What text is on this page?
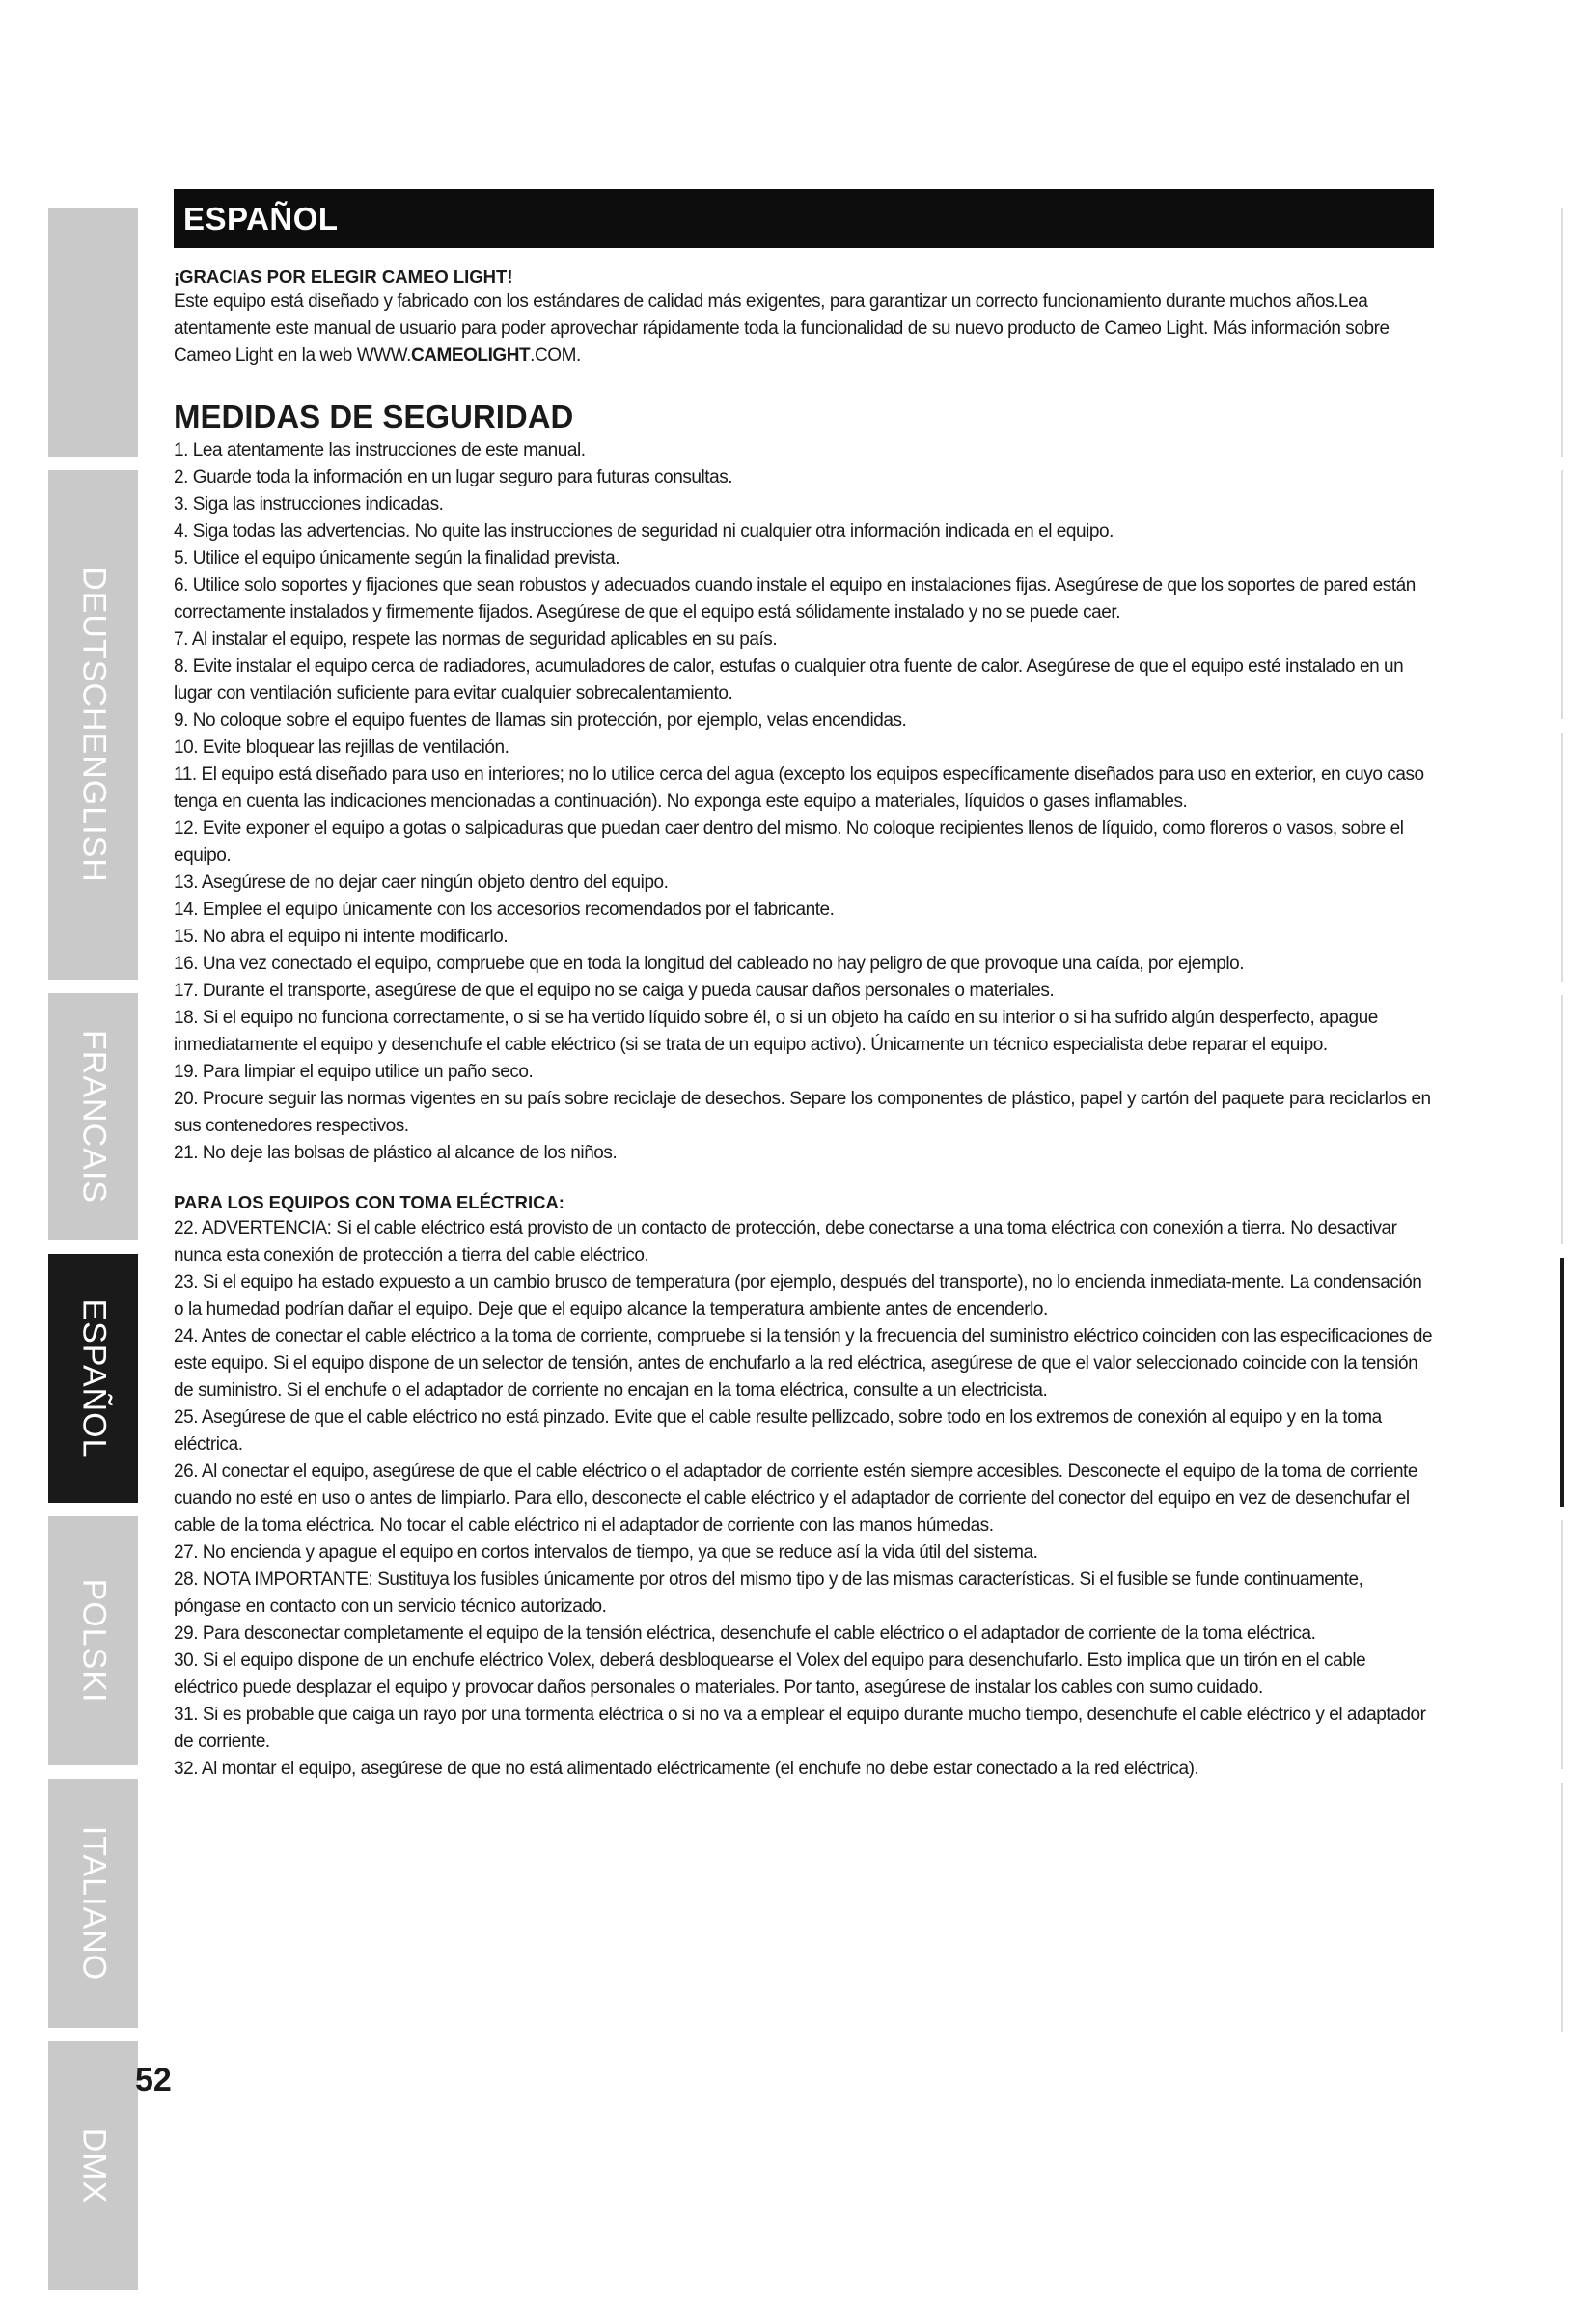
DEUTSCHENGLISH
FRANCAIS
ESPAÑOL
POLSKI
ITALIANO
DMX
ESPAÑOL
¡GRACIAS POR ELEGIR CAMEO LIGHT!

Este equipo está diseñado y fabricado con los estándares de calidad más exigentes, para garantizar un correcto funcionamiento durante muchos años.Lea atentamente este manual de usuario para poder aprovechar rápidamente toda la funcionalidad de su nuevo producto de Cameo Light. Más información sobre Cameo Light en la web WWW.CAMEOLIGHT.COM.

MEDIDAS DE SEGURIDAD

1. Lea atentamente las instrucciones de este manual.

2. Guarde toda la información en un lugar seguro para futuras consultas.

3. Siga las instrucciones indicadas.

4. Siga todas las advertencias. No quite las instrucciones de seguridad ni cualquier otra información indicada en el equipo.

5. Utilice el equipo únicamente según la finalidad prevista.

6. Utilice solo soportes y fijaciones que sean robustos y adecuados cuando instale el equipo en instalaciones fijas. Asegúrese de que los soportes de pared están correctamente instalados y firmemente fijados. Asegúrese de que el equipo está sólidamente instalado y no se puede caer.

7. Al instalar el equipo, respete las normas de seguridad aplicables en su país.

8. Evite instalar el equipo cerca de radiadores, acumuladores de calor, estufas o cualquier otra fuente de calor. Asegúrese de que el equipo esté instalado en un lugar con ventilación suficiente para evitar cualquier sobrecalentamiento.

9. No coloque sobre el equipo fuentes de llamas sin protección, por ejemplo, velas encendidas.

10. Evite bloquear las rejillas de ventilación.

11. El equipo está diseñado para uso en interiores; no lo utilice cerca del agua (excepto los equipos específicamente diseñados para uso en exterior, en cuyo caso tenga en cuenta las indicaciones mencionadas a continuación). No exponga este equipo a materiales, líquidos o gases inflamables.

12. Evite exponer el equipo a gotas o salpicaduras que puedan caer dentro del mismo. No coloque recipientes llenos de líquido, como floreros o vasos, sobre el equipo.

13. Asegúrese de no dejar caer ningún objeto dentro del equipo.

14. Emplee el equipo únicamente con los accesorios recomendados por el fabricante.

15. No abra el equipo ni intente modificarlo.

16. Una vez conectado el equipo, compruebe que en toda la longitud del cableado no hay peligro de que provoque una caída, por ejemplo.

17. Durante el transporte, asegúrese de que el equipo no se caiga y pueda causar daños personales o materiales.

18. Si el equipo no funciona correctamente, o si se ha vertido líquido sobre él, o si un objeto ha caído en su interior o si ha sufrido algún desperfecto, apague inmediatamente el equipo y desenchufe el cable eléctrico (si se trata de un equipo activo). Únicamente un técnico especialista debe reparar el equipo.

19. Para limpiar el equipo utilice un paño seco.

20. Procure seguir las normas vigentes en su país sobre reciclaje de desechos. Separe los componentes de plástico, papel y cartón del paquete para reciclarlos en sus contenedores respectivos.

21. No deje las bolsas de plástico al alcance de los niños.

PARA LOS EQUIPOS CON TOMA ELÉCTRICA:

22. ADVERTENCIA: Si el cable eléctrico está provisto de un contacto de protección, debe conectarse a una toma eléctrica con conexión a tierra. No desactivar nunca esta conexión de protección a tierra del cable eléctrico.

23. Si el equipo ha estado expuesto a un cambio brusco de temperatura (por ejemplo, después del transporte), no lo encienda inmediata-mente. La condensación o la humedad podrían dañar el equipo. Deje que el equipo alcance la temperatura ambiente antes de encenderlo.

24. Antes de conectar el cable eléctrico a la toma de corriente, compruebe si la tensión y la frecuencia del suministro eléctrico coinciden con las especificaciones de este equipo. Si el equipo dispone de un selector de tensión, antes de enchufarlo a la red eléctrica, asegúrese de que el valor seleccionado coincide con la tensión de suministro. Si el enchufe o el adaptador de corriente no encajan en la toma eléctrica, consulte a un electricista.

25. Asegúrese de que el cable eléctrico no está pinzado. Evite que el cable resulte pellizcado, sobre todo en los extremos de conexión al equipo y en la toma eléctrica.

26. Al conectar el equipo, asegúrese de que el cable eléctrico o el adaptador de corriente estén siempre accesibles. Desconecte el equipo de la toma de corriente cuando no esté en uso o antes de limpiarlo. Para ello, desconecte el cable eléctrico y el adaptador de corriente del conector del equipo en vez de desenchufar el cable de la toma eléctrica. No tocar el cable eléctrico ni el adaptador de corriente con las manos húmedas.

27. No encienda y apague el equipo en cortos intervalos de tiempo, ya que se reduce así la vida útil del sistema.

28. NOTA IMPORTANTE: Sustituya los fusibles únicamente por otros del mismo tipo y de las mismas características. Si el fusible se funde continuamente, póngase en contacto con un servicio técnico autorizado.

29. Para desconectar completamente el equipo de la tensión eléctrica, desenchufe el cable eléctrico o el adaptador de corriente de la toma eléctrica.

30. Si el equipo dispone de un enchufe eléctrico Volex, deberá desbloquearse el Volex del equipo para desenchufarlo. Esto implica que un tirón en el cable eléctrico puede desplazar el equipo y provocar daños personales o materiales. Por tanto, asegúrese de instalar los cables con sumo cuidado.

31. Si es probable que caiga un rayo por una tormenta eléctrica o si no va a emplear el equipo durante mucho tiempo, desenchufe el cable eléctrico y el adaptador de corriente.

32. Al montar el equipo, asegúrese de que no está alimentado eléctricamente (el enchufe no debe estar conectado a la red eléctrica).

52
